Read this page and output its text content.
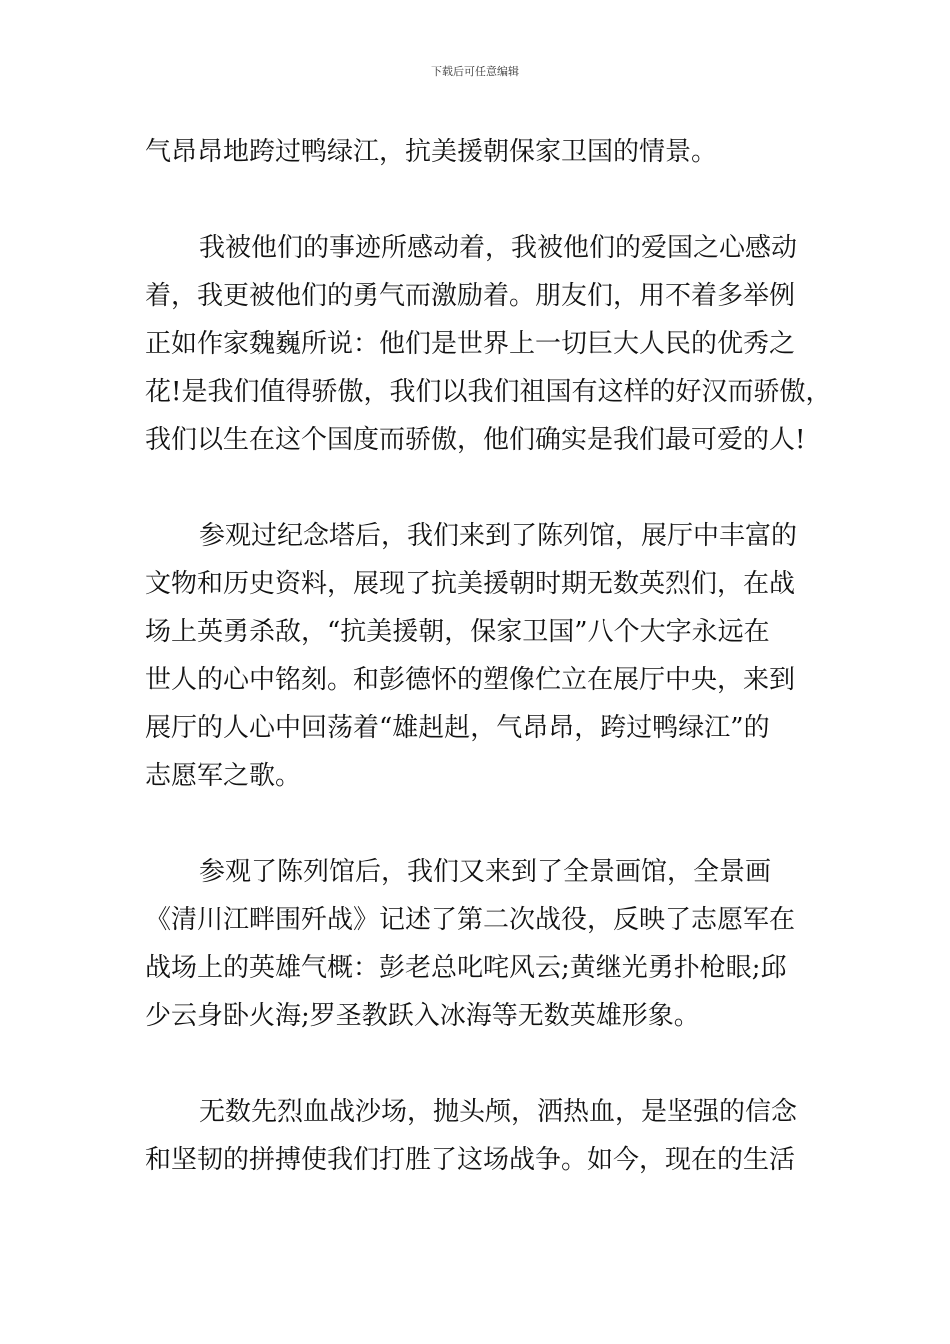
下载后可任意编辑
气昂昂地跨过鸭绿江，抗美援朝保家卫国的情景。
我被他们的事迹所感动着，我被他们的爱国之心感动
着，我更被他们的勇气而激励着。朋友们，用不着多举例
正如作家魏巍所说：他们是世界上一切巨大人民的优秀之
花!是我们值得骄傲，我们以我们祖国有这样的好汉而骄傲，
我们以生在这个国度而骄傲，他们确实是我们最可爱的人!
参观过纪念塔后，我们来到了陈列馆，展厅中丰富的
文物和历史资料，展现了抗美援朝时期无数英烈们，在战
场上英勇杀敌，“抗美援朝，保家卫国”八个大字永远在
世人的心中铭刻。和彭德怀的塑像伫立在展厅中央，来到
展厅的人心中回荡着“雄赳赳，气昂昂，跨过鸭绿江”的
志愿军之歌。
参观了陈列馆后，我们又来到了全景画馆，全景画
《清川江畔围歼战》记述了第二次战役，反映了志愿军在
战场上的英雄气概：彭老总叱咤风云;黄继光勇扑枪眼;邱
少云身卧火海;罗圣教跃入冰海等无数英雄形象。
无数先烈血战沙场，抛头颅，洒热血，是坚强的信念
和坚韧的拼搏使我们打胜了这场战争。如今，现在的生活
